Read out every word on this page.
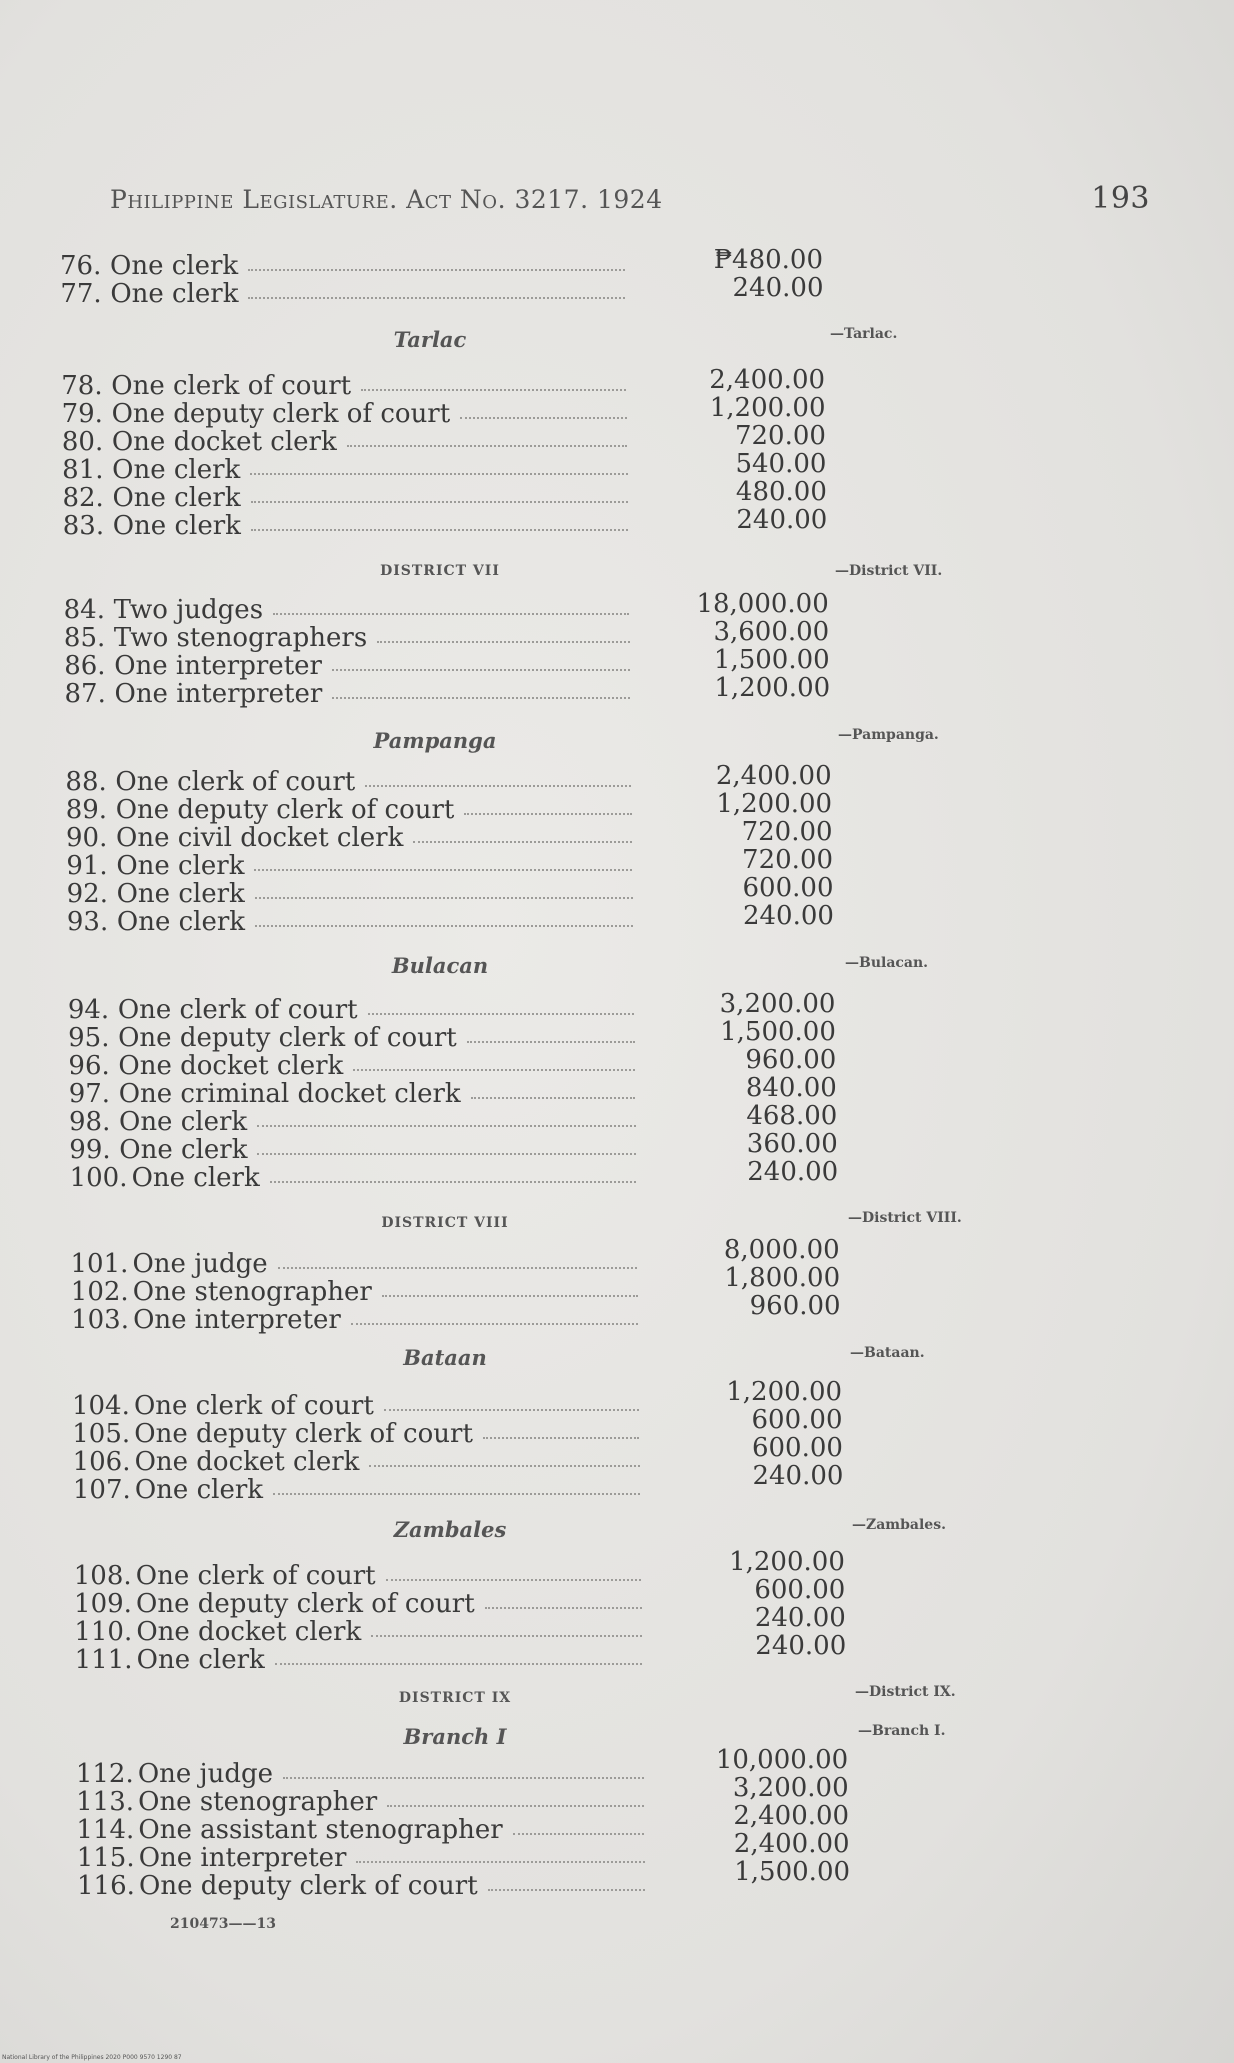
Philippine Legislature. Act No. 3217. 1924	193
Tarlac
DISTRICT VII
Pampanga
Bulacan
DISTRICT VIII
Bataan
Zambales
DISTRICT IX
Branch I
—Tarlac.
—District VII.
—Pampanga.
—Bulacan.
—District VIII.
—Bataan.
—Zambales.
—District IX.
—Branch I.
76. One clerk	₱480.00
77. One clerk	240.00
78. One clerk of court	2,400.00
79. One deputy clerk of court	1,200.00
80. One docket clerk	720.00
81. One clerk	540.00
82. One clerk	480.00
83. One clerk	240.00
84. Two judges	18,000.00
85. Two stenographers	3,600.00
86. One interpreter	1,500.00
87. One interpreter	1,200.00
88. One clerk of court	2,400.00
89. One deputy clerk of court	1,200.00
90. One civil docket clerk	720.00
91. One clerk	720.00
92. One clerk	600.00
93. One clerk	240.00
94. One clerk of court	3,200.00
95. One deputy clerk of court	1,500.00
96. One docket clerk	960.00
97. One criminal docket clerk	840.00
98. One clerk	468.00
99. One clerk	360.00
100. One clerk	240.00
101. One judge	8,000.00
102. One stenographer	1,800.00
103. One interpreter	960.00
104. One clerk of court	1,200.00
105. One deputy clerk of court	600.00
106. One docket clerk	600.00
107. One clerk	240.00
108. One clerk of court	1,200.00
109. One deputy clerk of court	600.00
110. One docket clerk	240.00
111. One clerk	240.00
112. One judge	10,000.00
113. One stenographer	3,200.00
114. One assistant stenographer	2,400.00
115. One interpreter	2,400.00
116. One deputy clerk of court	1,500.00
210473——13
National Library of the Philippines 2020 P000 9570 1290 87
